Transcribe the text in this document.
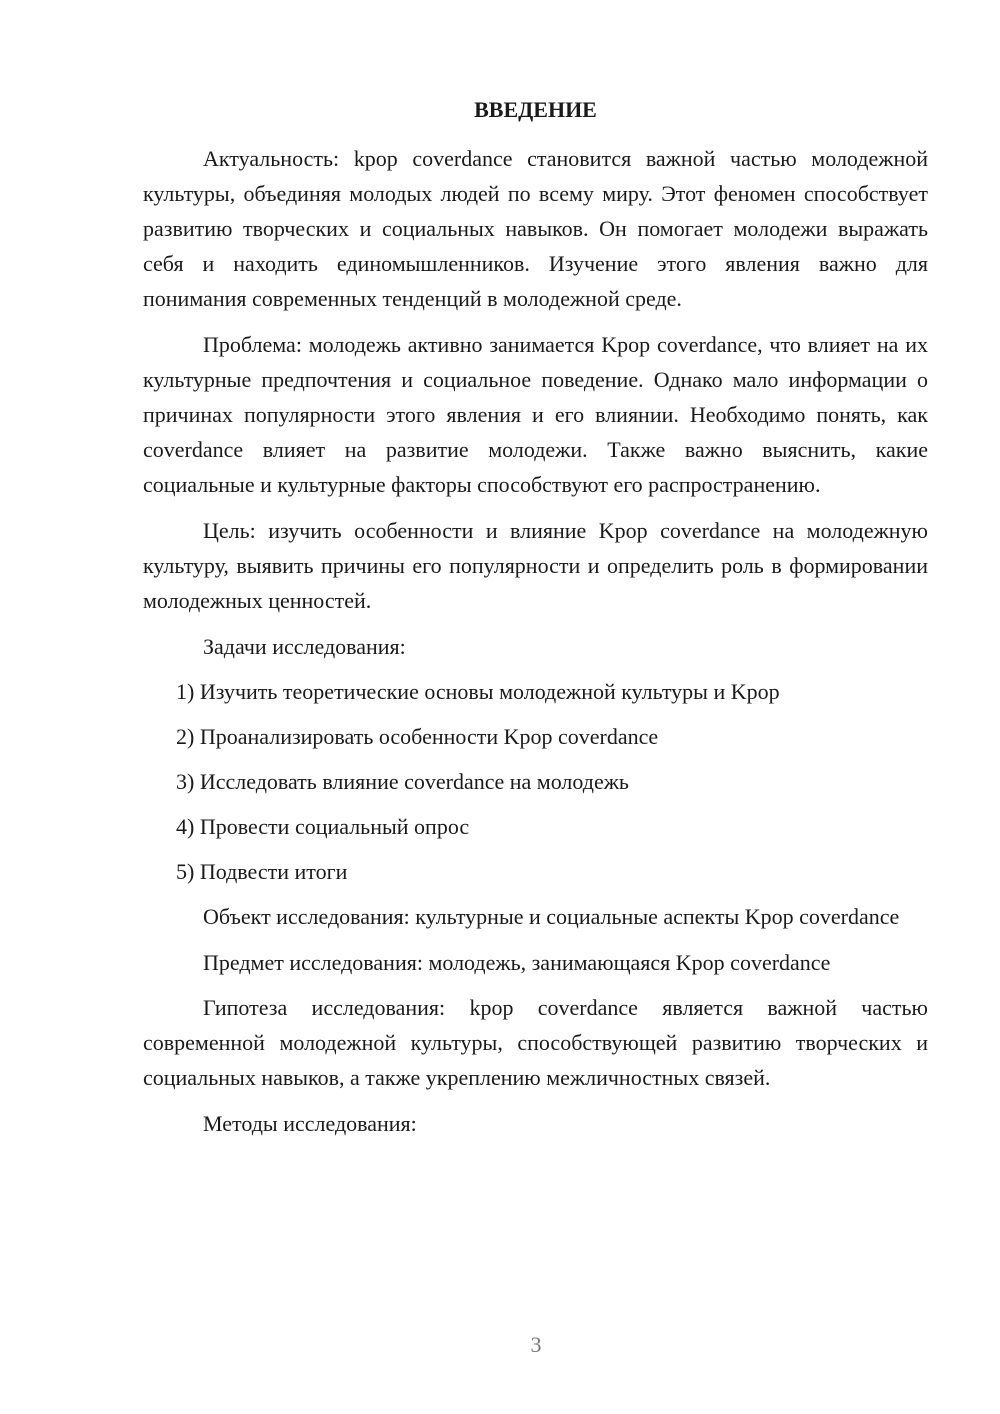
ВВЕДЕНИЕ

Актуальность: kpop coverdance становится важной частью молодежной культуры, объединяя молодых людей по всему миру. Этот феномен способствует развитию творческих и социальных навыков. Он помогает молодежи выражать себя и находить единомышленников. Изучение этого явления важно для понимания современных тенденций в молодежной среде.

Проблема: молодежь активно занимается Kpop coverdance, что влияет на их культурные предпочтения и социальное поведение. Однако мало информации о причинах популярности этого явления и его влиянии. Необходимо понять, как coverdance влияет на развитие молодежи. Также важно выяснить, какие социальные и культурные факторы способствуют его распространению.

Цель: изучить особенности и влияние Kpop coverdance на молодежную культуру, выявить причины его популярности и определить роль в формировании молодежных ценностей.

Задачи исследования:

1) Изучить теоретические основы молодежной культуры и Kpop
2) Проанализировать особенности Kpop coverdance
3) Исследовать влияние coverdance на молодежь
4) Провести социальный опрос
5) Подвести итоги

Объект исследования: культурные и социальные аспекты Kpop coverdance

Предмет исследования: молодежь, занимающаяся Kpop coverdance

Гипотеза исследования: kpop coverdance является важной частью современной молодежной культуры, способствующей развитию творческих и социальных навыков, а также укреплению межличностных связей.

Методы исследования:

3
